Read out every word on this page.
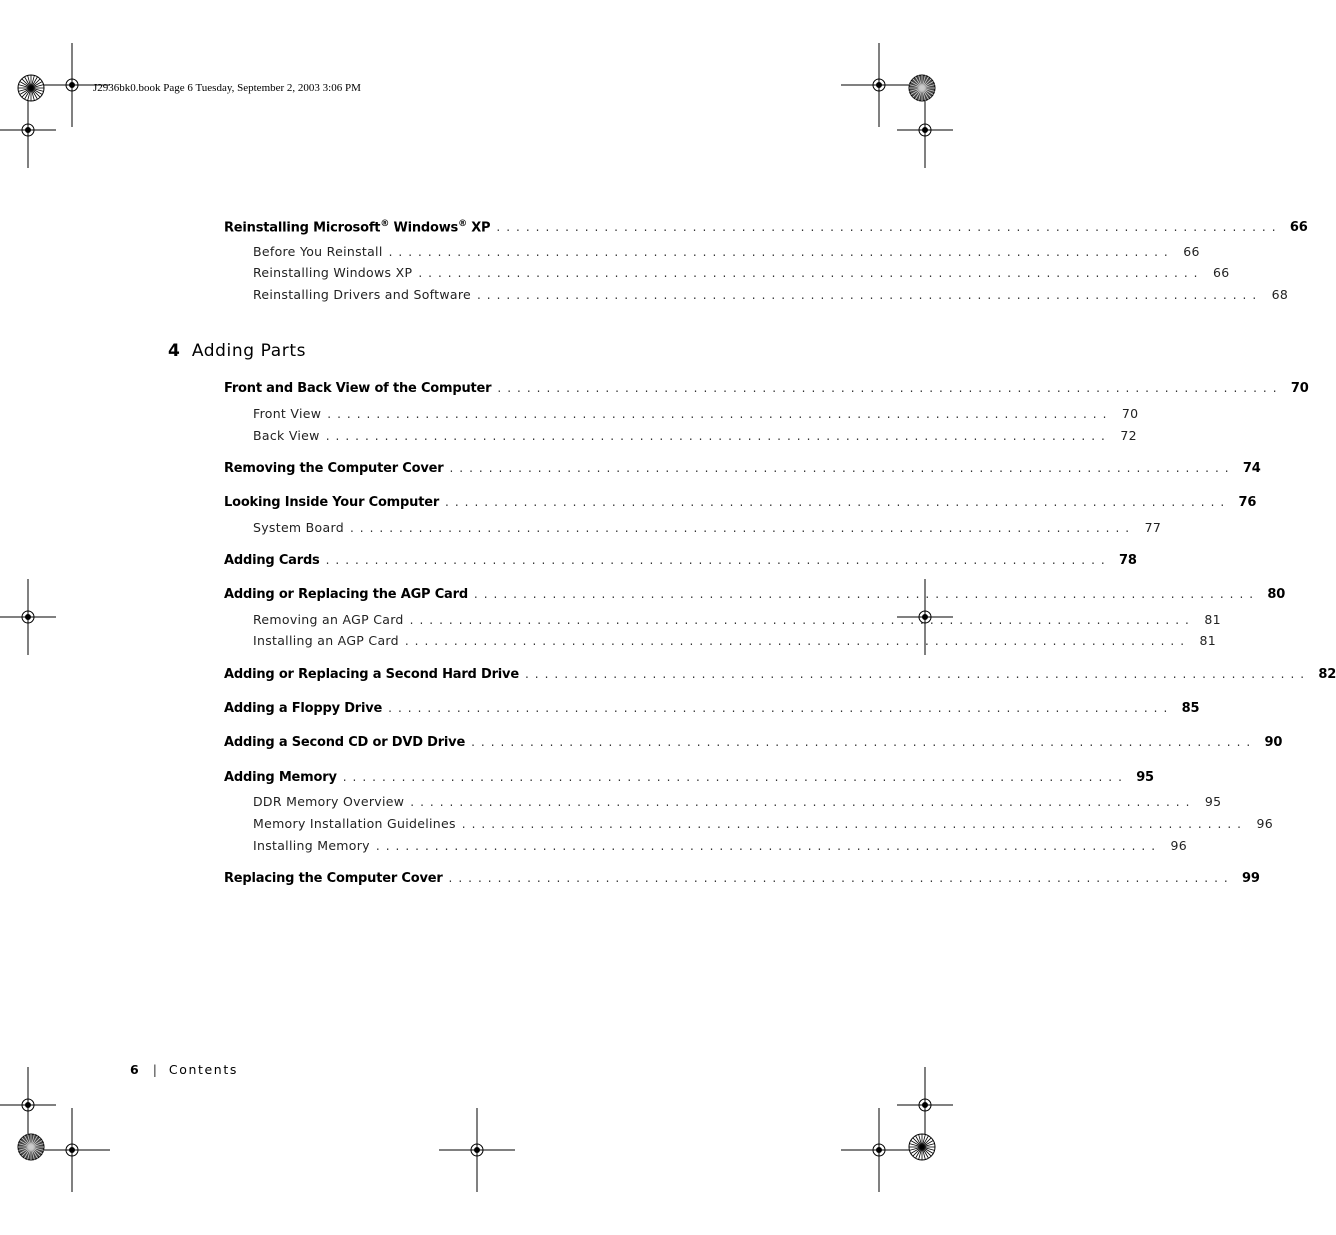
J2936bk0.book Page 6 Tuesday, September 2, 2003 3:06 PM
Reinstalling Microsoft® Windows® XP . . . . . . . . . . . . . . . . . . . . . . . . . . . . . . . . . . . . . . . . . . . . . . . . . . . . . . . . . . . . . . . . . . . . . . . . . . . . . . . .	66
Before You Reinstall . . . . . . . . . . . . . . . . . . . . . . . . . . . . . . . . . . . . . . . . . . . . . . . . . . . . . . . . . . . . . . . . . . . . . . . . . . . . . . . .	66
Reinstalling Windows XP . . . . . . . . . . . . . . . . . . . . . . . . . . . . . . . . . . . . . . . . . . . . . . . . . . . . . . . . . . . . . . . . . . . . . . . . . . . . . . . .	66
Reinstalling Drivers and Software . . . . . . . . . . . . . . . . . . . . . . . . . . . . . . . . . . . . . . . . . . . . . . . . . . . . . . . . . . . . . . . . . . . . . . . . . . . . . . . .	68
4 Adding Parts
Front and Back View of the Computer . . . . . . . . . . . . . . . . . . . . . . . . . . . . . . . . . . . . . . . . . . . . . . . . . . . . . . . . . . . . . . . . . . . . . . . . . . . . . . . .	70
Front View . . . . . . . . . . . . . . . . . . . . . . . . . . . . . . . . . . . . . . . . . . . . . . . . . . . . . . . . . . . . . . . . . . . . . . . . . . . . . . . .	70
Back View . . . . . . . . . . . . . . . . . . . . . . . . . . . . . . . . . . . . . . . . . . . . . . . . . . . . . . . . . . . . . . . . . . . . . . . . . . . . . . . .	72
Removing the Computer Cover . . . . . . . . . . . . . . . . . . . . . . . . . . . . . . . . . . . . . . . . . . . . . . . . . . . . . . . . . . . . . . . . . . . . . . . . . . . . . . . .	74
Looking Inside Your Computer . . . . . . . . . . . . . . . . . . . . . . . . . . . . . . . . . . . . . . . . . . . . . . . . . . . . . . . . . . . . . . . . . . . . . . . . . . . . . . . .	76
System Board . . . . . . . . . . . . . . . . . . . . . . . . . . . . . . . . . . . . . . . . . . . . . . . . . . . . . . . . . . . . . . . . . . . . . . . . . . . . . . . .	77
Adding Cards . . . . . . . . . . . . . . . . . . . . . . . . . . . . . . . . . . . . . . . . . . . . . . . . . . . . . . . . . . . . . . . . . . . . . . . . . . . . . . . .	78
Adding or Replacing the AGP Card . . . . . . . . . . . . . . . . . . . . . . . . . . . . . . . . . . . . . . . . . . . . . . . . . . . . . . . . . . . . . . . . . . . . . . . . . . . . . . . .	80
Removing an AGP Card . . . . . . . . . . . . . . . . . . . . . . . . . . . . . . . . . . . . . . . . . . . . . . . . . . . . . . . . . . . . . . . . . . . . . . . . . . . . . . . .	81
Installing an AGP Card . . . . . . . . . . . . . . . . . . . . . . . . . . . . . . . . . . . . . . . . . . . . . . . . . . . . . . . . . . . . . . . . . . . . . . . . . . . . . . . .	81
Adding or Replacing a Second Hard Drive . . . . . . . . . . . . . . . . . . . . . . . . . . . . . . . . . . . . . . . . . . . . . . . . . . . . . . . . . . . . . . . . . . . . . . . . . . . . . . . .	82
Adding a Floppy Drive . . . . . . . . . . . . . . . . . . . . . . . . . . . . . . . . . . . . . . . . . . . . . . . . . . . . . . . . . . . . . . . . . . . . . . . . . . . . . . . .	85
Adding a Second CD or DVD Drive . . . . . . . . . . . . . . . . . . . . . . . . . . . . . . . . . . . . . . . . . . . . . . . . . . . . . . . . . . . . . . . . . . . . . . . . . . . . . . . .	90
Adding Memory . . . . . . . . . . . . . . . . . . . . . . . . . . . . . . . . . . . . . . . . . . . . . . . . . . . . . . . . . . . . . . . . . . . . . . . . . . . . . . . .	95
DDR Memory Overview . . . . . . . . . . . . . . . . . . . . . . . . . . . . . . . . . . . . . . . . . . . . . . . . . . . . . . . . . . . . . . . . . . . . . . . . . . . . . . . .	95
Memory Installation Guidelines . . . . . . . . . . . . . . . . . . . . . . . . . . . . . . . . . . . . . . . . . . . . . . . . . . . . . . . . . . . . . . . . . . . . . . . . . . . . . . . .	96
Installing Memory . . . . . . . . . . . . . . . . . . . . . . . . . . . . . . . . . . . . . . . . . . . . . . . . . . . . . . . . . . . . . . . . . . . . . . . . . . . . . . . .	96
Replacing the Computer Cover . . . . . . . . . . . . . . . . . . . . . . . . . . . . . . . . . . . . . . . . . . . . . . . . . . . . . . . . . . . . . . . . . . . . . . . . . . . . . . . .	99
6 | Contents
